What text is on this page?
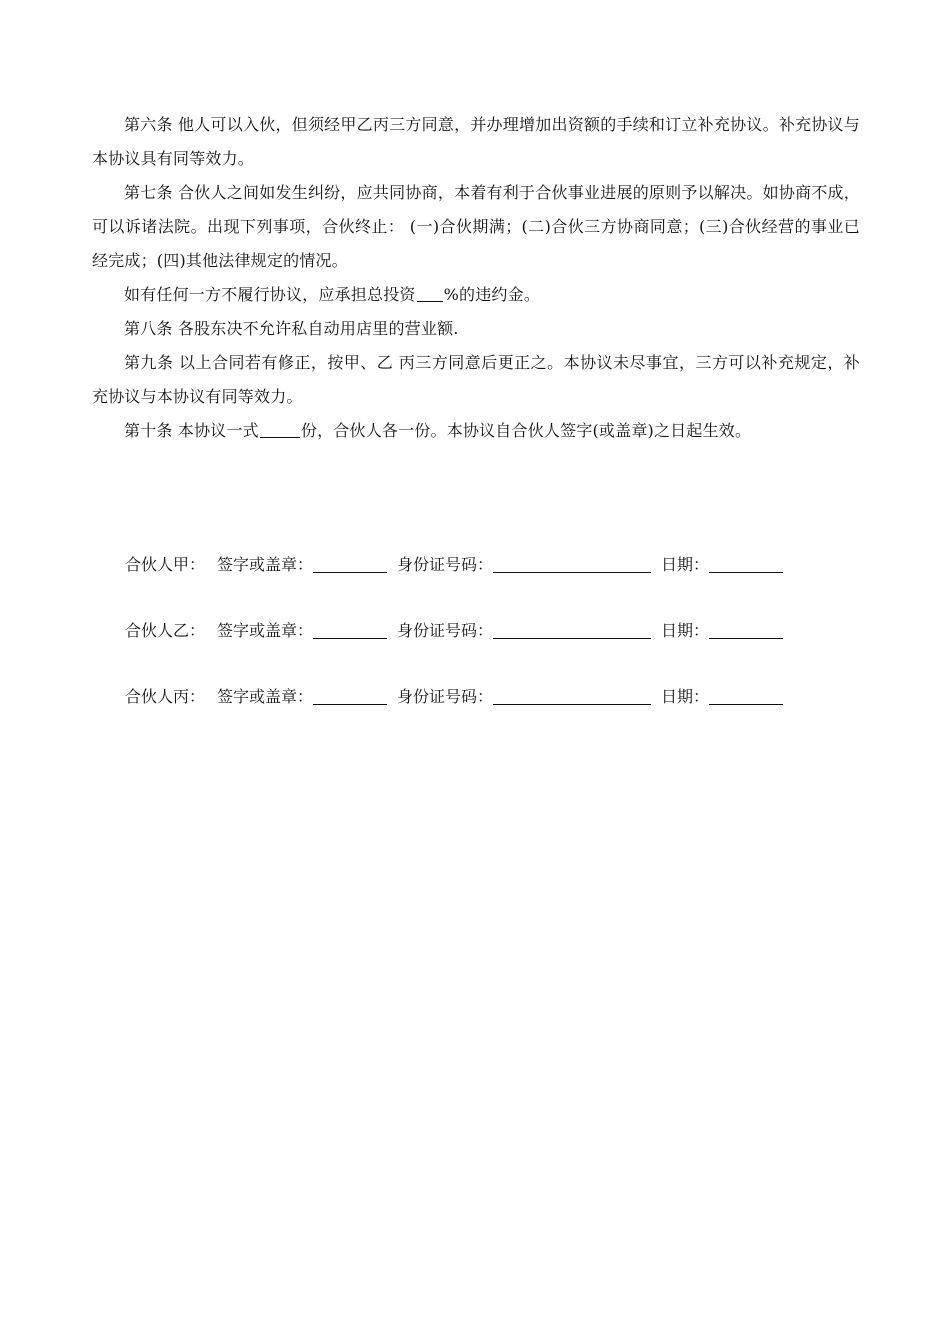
第六条 他人可以入伙，但须经甲乙丙三方同意，并办理增加出资额的手续和订立补充协议。补充协议与本协议具有同等效力。

第七条 合伙人之间如发生纠纷，应共同协商，本着有利于合伙事业进展的原则予以解决。如协商不成，可以诉诸法院。出现下列事项，合伙终止： (一)合伙期满；(二)合伙三方协商同意；(三)合伙经营的事业已经完成；(四)其他法律规定的情况。

如有任何一方不履行协议，应承担总投资 %的违约金。

第八条 各股东决不允许私自动用店里的营业额.

第九条 以上合同若有修正，按甲、乙 丙三方同意后更正之。本协议未尽事宜，三方可以补充规定，补充协议与本协议有同等效力。

第十条 本协议一式	份，合伙人各一份。本协议自合伙人签字(或盖章)之日起生效。

合伙人甲： 签字或盖章：	身份证号码：	日期：
合伙人乙： 签字或盖章：	身份证号码：	日期：
合伙人丙： 签字或盖章：	身份证号码：	日期：
